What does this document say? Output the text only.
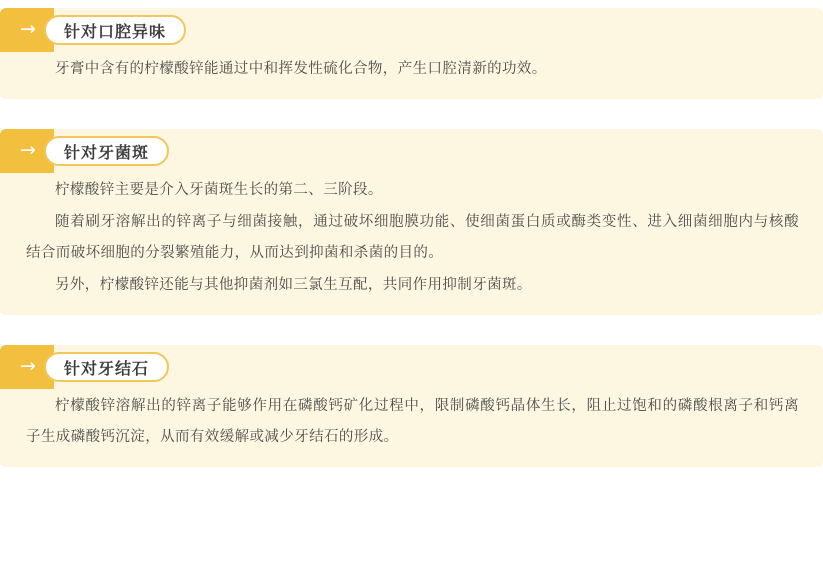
→ 针对口腔异味

牙膏中含有的柠檬酸锌能通过中和挥发性硫化合物，产生口腔清新的功效。

→ 针对牙菌斑

柠檬酸锌主要是介入牙菌斑生长的第二、三阶段。

随着刷牙溶解出的锌离子与细菌接触，通过破坏细胞膜功能、使细菌蛋白质或酶类变性、进入细菌细胞内与核酸结合而破坏细胞的分裂繁殖能力，从而达到抑菌和杀菌的目的。

另外，柠檬酸锌还能与其他抑菌剂如三氯生互配，共同作用抑制牙菌斑。

→ 针对牙结石

柠檬酸锌溶解出的锌离子能够作用在磷酸钙矿化过程中，限制磷酸钙晶体生长，阻止过饱和的磷酸根离子和钙离子生成磷酸钙沉淀，从而有效缓解或减少牙结石的形成。
